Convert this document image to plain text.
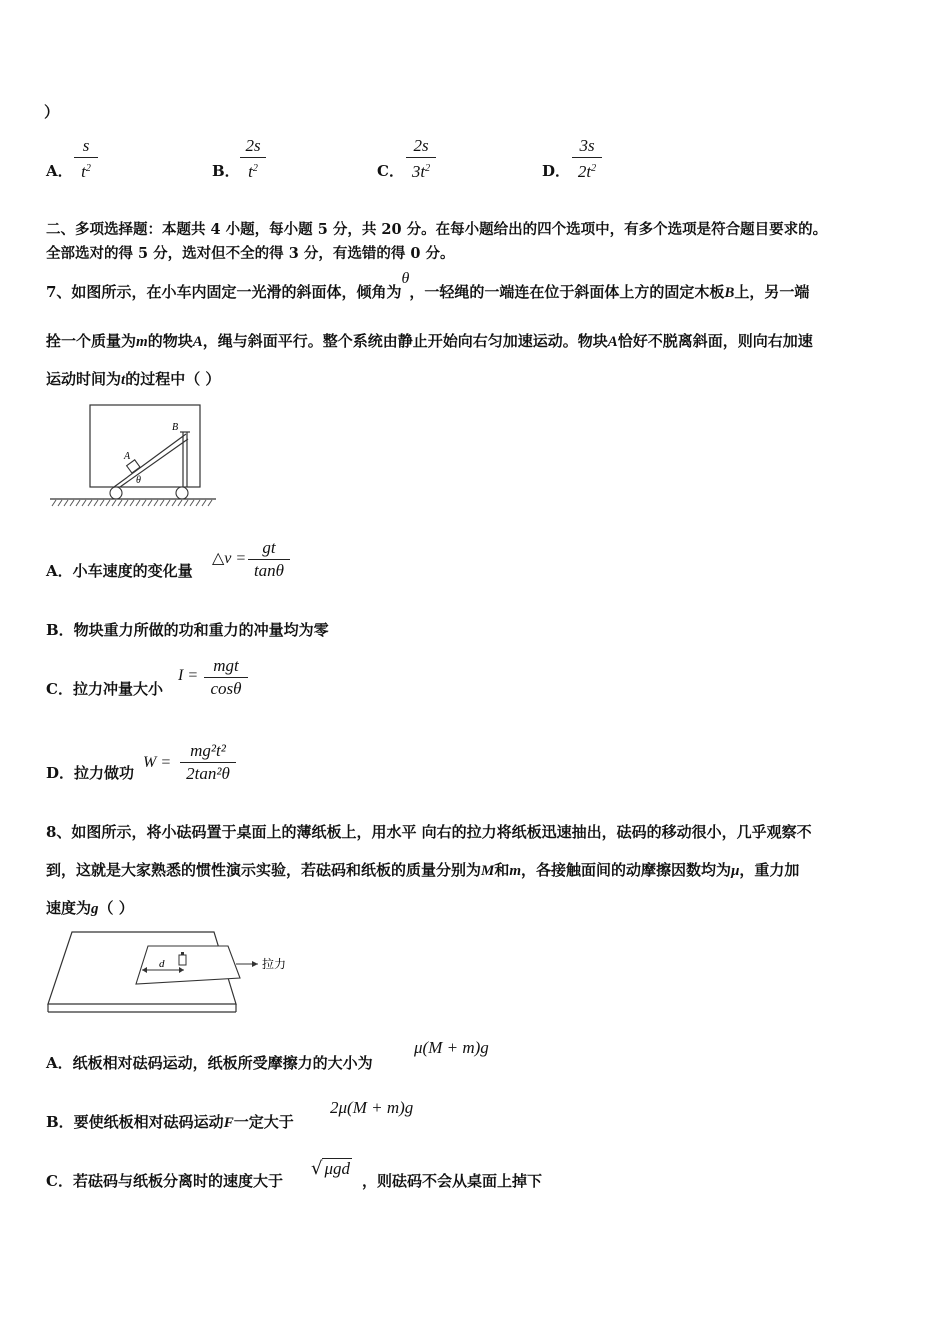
）
A．
s
$t^2$	B．
2s
$t^2$	C．
2s
$3t^2$	D．
3s
$2t^2$
二、多项选择题：本题共 4 小题，每小题 5 分，共 20 分。在每小题给出的四个选项中，有多个选项是符合题目要求的。
全部选对的得 5 分，选对但不全的得 3 分，有选错的得 0 分。
7、如图所示，在小车内固定一光滑的斜面体，倾角为θ，一轻绳的一端连在位于斜面体上方的固定木板B上，另一端
拴一个质量为m的物块A，绳与斜面平行。整个系统由静止开始向右匀加速运动。物块A恰好不脱离斜面，则向右加速
运动时间为t的过程中（ ）
A
B
θ
A．小车速度的变化量
△v =
gt
tanθ
B．物块重力所做的功和重力的冲量均为零
C．拉力冲量大小
I =
mgt
cosθ
D．拉力做功
W =
mg²t²
2tan²θ
8、如图所示，将小砝码置于桌面上的薄纸板上，用水平 向右的拉力将纸板迅速抽出，砝码的移动很小，几乎观察不
到，这就是大家熟悉的惯性演示实验，若砝码和纸板的质量分别为M和m，各接触面间的动摩擦因数均为μ，重力加
速度为g（ ）
d	拉力
A．纸板相对砝码运动，纸板所受摩擦力的大小为
μ(M + m)g
B．要使纸板相对砝码运动F一定大于
2μ(M + m)g
C．若砝码与纸板分离时的速度大于
√ μgd
，则砝码不会从桌面上掉下
